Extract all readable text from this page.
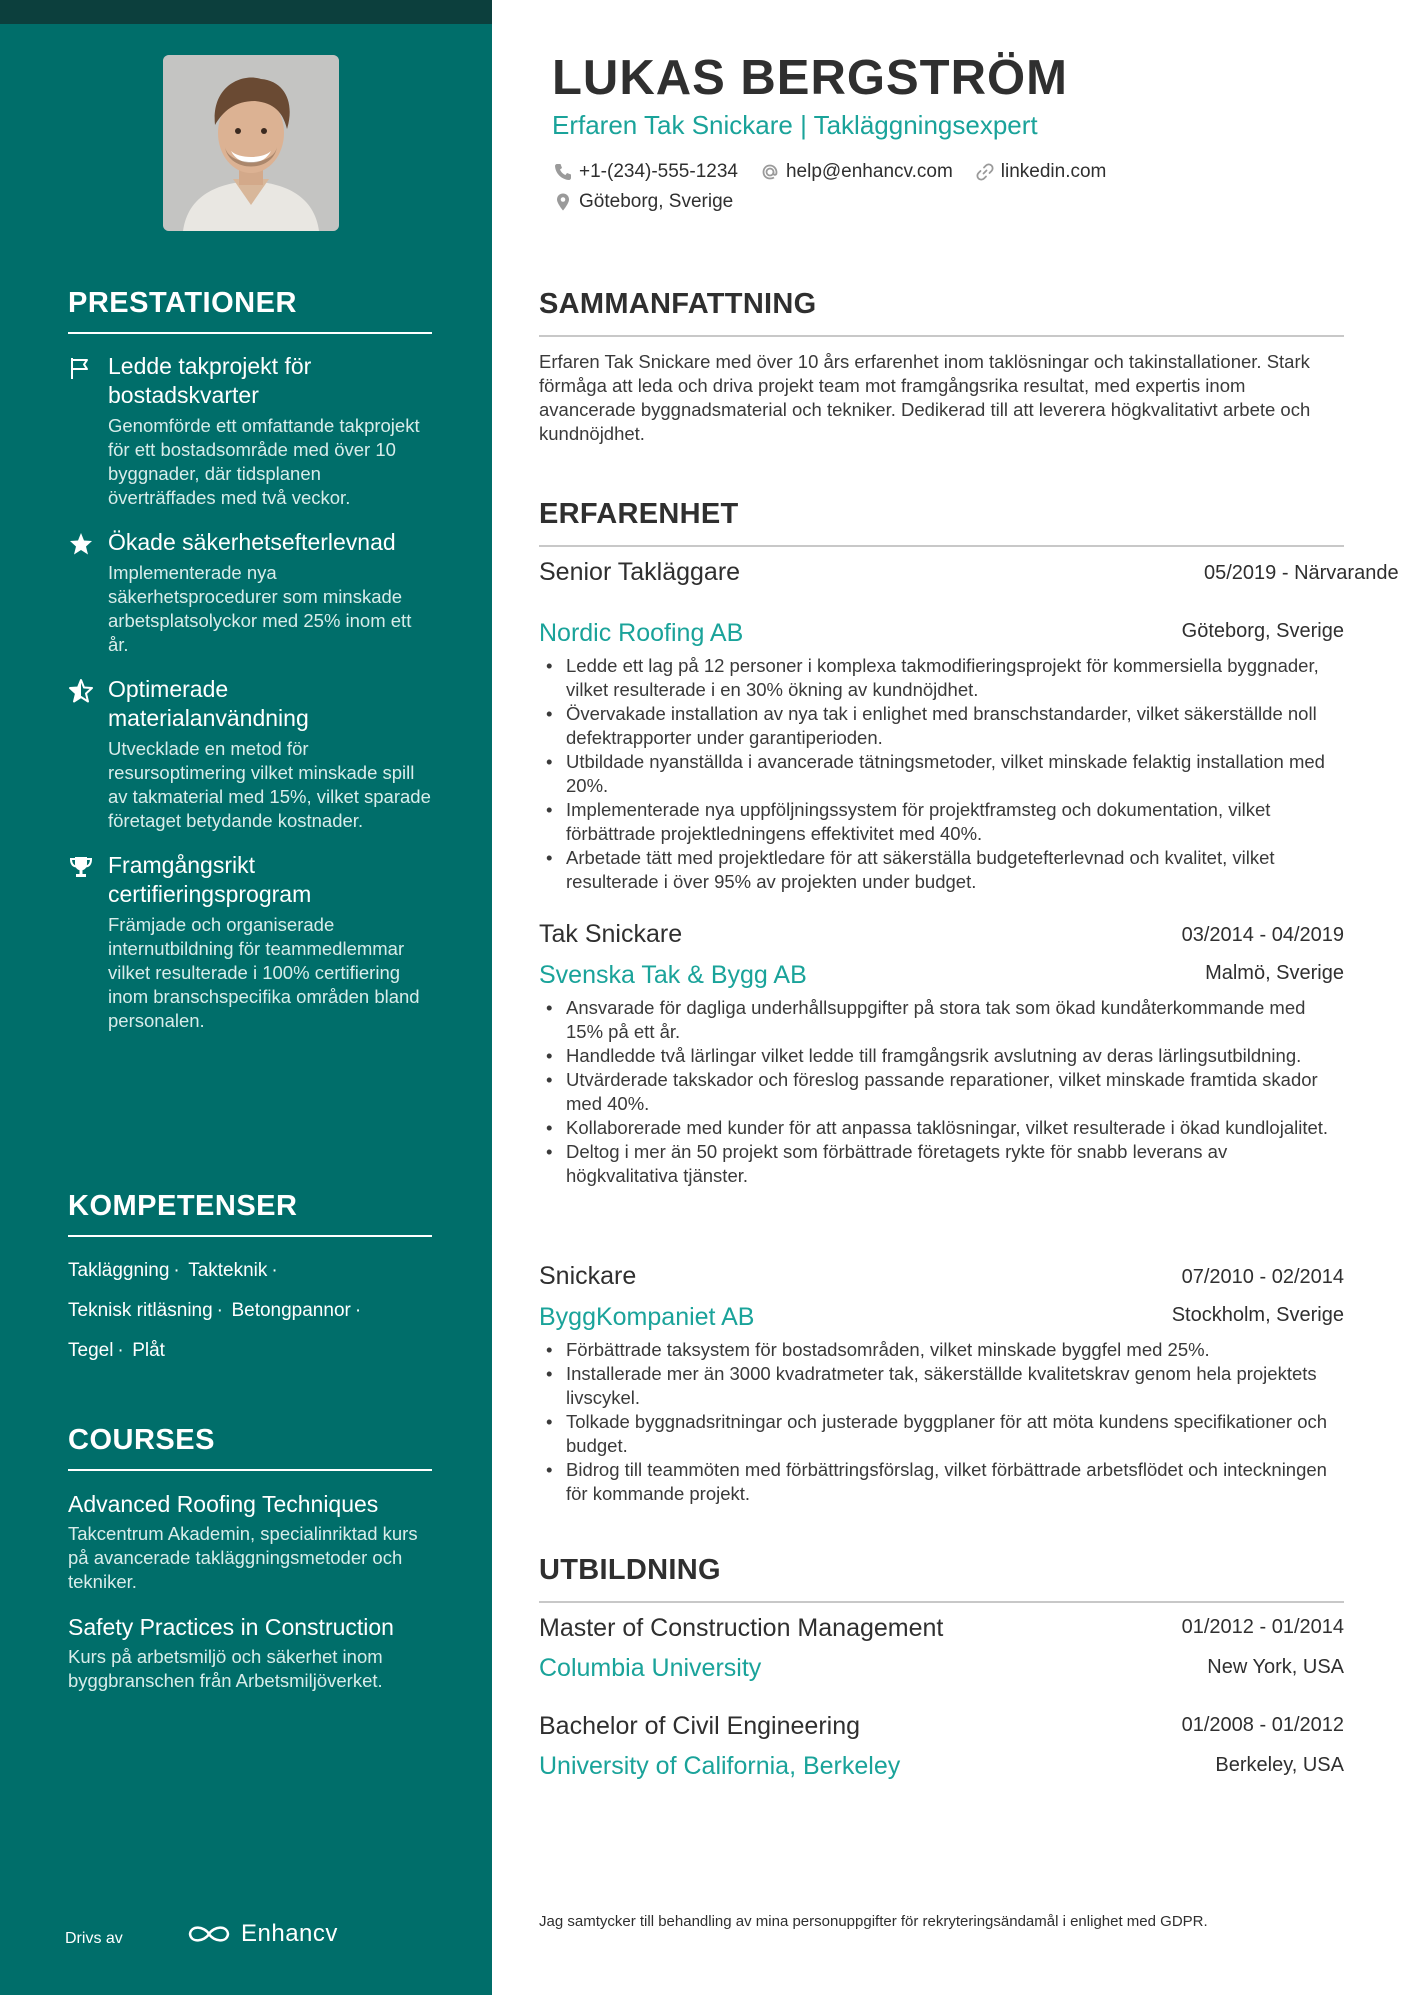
PRESTATIONER
Ledde takprojekt för bostadskvarter
Genomförde ett omfattande takprojekt för ett bostadsområde med över 10 byggnader, där tidsplanen överträffades med två veckor.
Ökade säkerhetsefterlevnad
Implementerade nya säkerhetsprocedurer som minskade arbetsplatsolyckor med 25% inom ett år.
Optimerade materialanvändning
Utvecklade en metod för resursoptimering vilket minskade spill av takmaterial med 15%, vilket sparade företaget betydande kostnader.
Framgångsrikt certifieringsprogram
Främjade och organiserade internutbildning för teammedlemmar vilket resulterade i 100% certifiering inom branschspecifika områden bland personalen.
KOMPETENSER
Takläggning · Takteknik · Teknisk ritläsning · Betongpannor · Tegel · Plåt
COURSES
Advanced Roofing Techniques
Takcentrum Akademin, specialinriktad kurs på avancerade takläggningsmetoder och tekniker.
Safety Practices in Construction
Kurs på arbetsmiljö och säkerhet inom byggbranschen från Arbetsmiljöverket.
Drivs av	Enhancv
LUKAS BERGSTRÖM
Erfaren Tak Snickare | Takläggningsexpert
+1-(234)-555-1234	help@enhancv.com	linkedin.com
Göteborg, Sverige
SAMMANFATTNING

Erfaren Tak Snickare med över 10 års erfarenhet inom taklösningar och takinstallationer. Stark förmåga att leda och driva projekt team mot framgångsrika resultat, med expertis inom avancerade byggnadsmaterial och tekniker. Dedikerad till att leverera högkvalitativt arbete och kundnöjdhet.

ERFARENHET
Senior Takläggare	05/2019 - Närvarande
Nordic Roofing AB	Göteborg, Sverige
• Ledde ett lag på 12 personer i komplexa takmodifieringsprojekt för kommersiella byggnader, vilket resulterade i en 30% ökning av kundnöjdhet.
• Övervakade installation av nya tak i enlighet med branschstandarder, vilket säkerställde noll defektrapporter under garantiperioden.
• Utbildade nyanställda i avancerade tätningsmetoder, vilket minskade felaktig installation med 20%.
• Implementerade nya uppföljningssystem för projektframsteg och dokumentation, vilket förbättrade projektledningens effektivitet med 40%.
• Arbetade tätt med projektledare för att säkerställa budgetefterlevnad och kvalitet, vilket resulterade i över 95% av projekten under budget.
Tak Snickare	03/2014 - 04/2019
Svenska Tak & Bygg AB	Malmö, Sverige
• Ansvarade för dagliga underhållsuppgifter på stora tak som ökad kundåterkommande med 15% på ett år.
• Handledde två lärlingar vilket ledde till framgångsrik avslutning av deras lärlingsutbildning.
• Utvärderade takskador och föreslog passande reparationer, vilket minskade framtida skador med 40%.
• Kollaborerade med kunder för att anpassa taklösningar, vilket resulterade i ökad kundlojalitet.
• Deltog i mer än 50 projekt som förbättrade företagets rykte för snabb leverans av högkvalitativa tjänster.
Snickare	07/2010 - 02/2014
ByggKompaniet AB	Stockholm, Sverige
• Förbättrade taksystem för bostadsområden, vilket minskade byggfel med 25%.
• Installerade mer än 3000 kvadratmeter tak, säkerställde kvalitetskrav genom hela projektets livscykel.
• Tolkade byggnadsritningar och justerade byggplaner för att möta kundens specifikationer och budget.
• Bidrog till teammöten med förbättringsförslag, vilket förbättrade arbetsflödet och inteckningen för kommande projekt.
UTBILDNING
Master of Construction Management	01/2012 - 01/2014
Columbia University	New York, USA
Bachelor of Civil Engineering	01/2008 - 01/2012
University of California, Berkeley	Berkeley, USA

Jag samtycker till behandling av mina personuppgifter för rekryteringsändamål i enlighet med GDPR.
